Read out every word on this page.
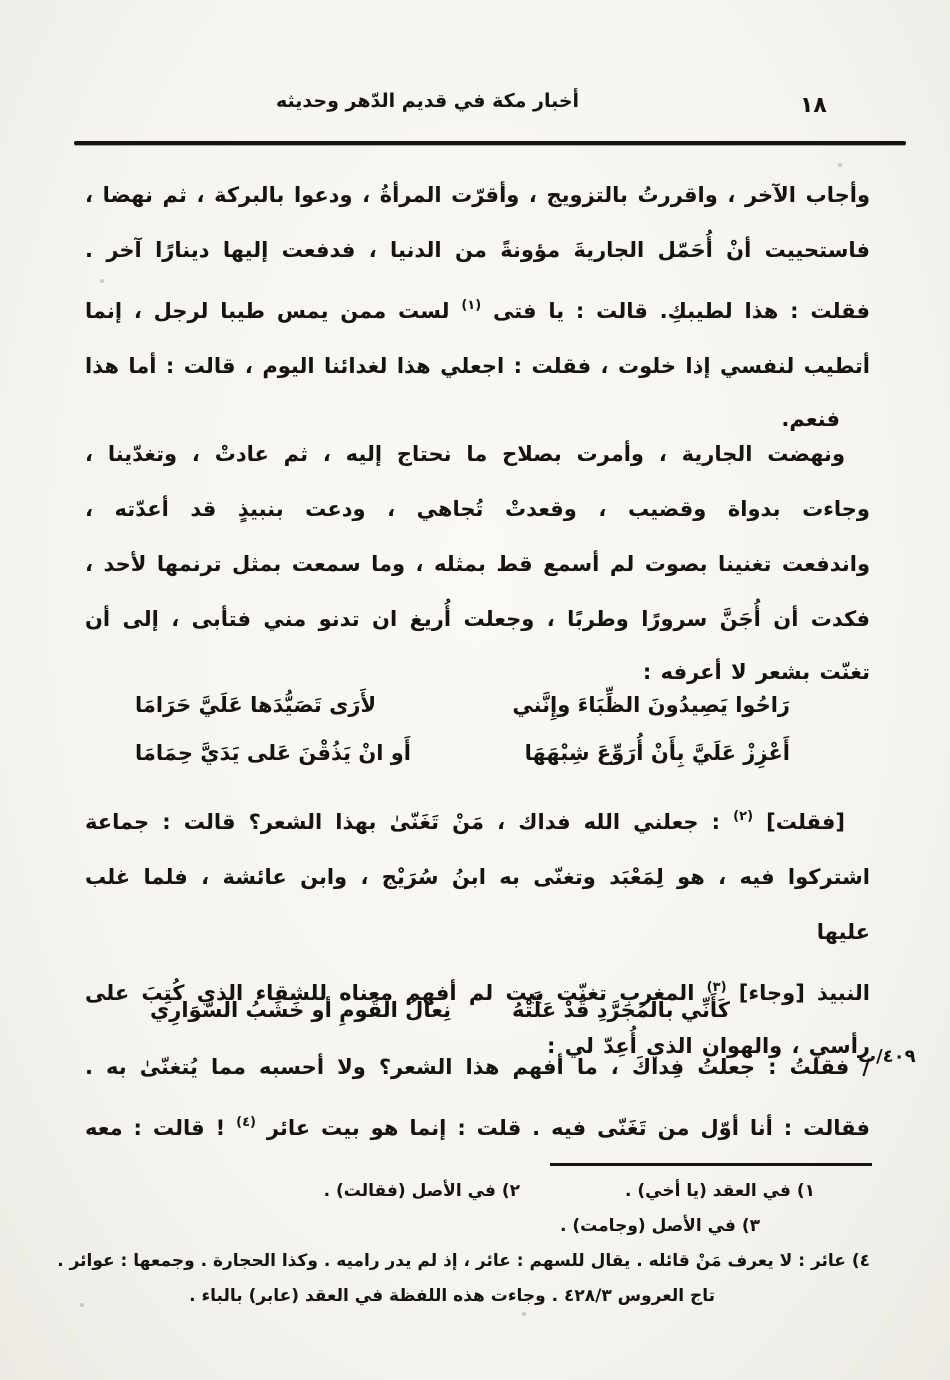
أخبار مكة في قديم الدّهر وحديثه	١٨

وأجاب الآخر ، واقررتُ بالتزويج ، وأقرّت المرأةُ ، ودعوا بالبركة ، ثم نهضا ،

فاستحييت أنْ أُحَمّل الجاريةَ مؤونةً من الدنيا ، فدفعت إليها دينارًا آخر .

فقلت : هذا لطيبكِ. قالت : يا فتى $^{(١)}$ لست ممن يمس طيبا لرجل ، إنما

أتطيب لنفسي إذا خلوت ، فقلت : اجعلي هذا لغدائنا اليوم ، قالت : أما هذا

فنعم.

ونهضت الجارية ، وأمرت بصلاح ما نحتاج إليه ، ثم عادتْ ، وتغدّينا ،

وجاءت بدواة وقضيب ، وقعدتْ تُجاهي ، ودعت بنبيذٍ قد أعدّته ،

واندفعت تغنينا بصوت لم أسمع قط بمثله ، وما سمعت بمثل ترنمها لأحد ،

فكدت أن أُجَنَّ سرورًا وطربًا ، وجعلت أُريغ ان تدنو مني فتأبى ، إلى أن

تغنّت بشعر لا أعرفه :

رَاحُوا يَصِيدُونَ الظِّبَاءَ وإِنَّني
لأَرَى تَصَيُّدَها عَلَيَّ حَرَامَا
أَعْزِزْ عَلَيَّ بِأَنْ أُرَوِّعَ شِبْهَهَا
أَو انْ يَذُقْنَ عَلى يَدَيَّ حِمَامَا

[فقلت] $^{(٢)}$ : جعلني الله فداك ، مَنْ تَغَنّىٰ بهذا الشعر؟ قالت : جماعة

اشتركوا فيه ، هو لِمَعْبَد وتغنّى به ابنُ سُرَيْج ، وابن عائشة ، فلما غلب عليها

النبيذ [وجاء] $^{(٣)}$ المغرب تغنّت بيت لم أفهم معناه للشقاء الذي كُتِبَ على

رأسي ، والهوان الذي أُعِدّ لي :

كَأَنِّي بالمُجَرَّدِ قَدْ عَلَّتْهُ
نِعالُ القَومِ أو خَشَبُ السَّوَارِي

/ فقلتُ : جعلتُ فِداكَ ، ما أفهم هذا الشعر؟ ولا أحسبه مما يُتغنّىٰ به .

فقالت : أنا أوّل من تَغَنّى فيه . قلت : إنما هو بيت عائر $^{(٤)}$ ! قالت : معه

٤٠٩/ب
١) في العقد (يا أخي) .
٢) في الأصل (فقالت) .
٣) في الأصل (وجامت) .
٤) عائر : لا يعرف مَنْ قائله . يقال للسهم : عائر ، إذ لم يدر راميه . وكذا الحجارة . وجمعها : عوائر .
تاج العروس ٤٢٨/٣ . وجاءت هذه اللفظة في العقد (عابر) بالباء .
